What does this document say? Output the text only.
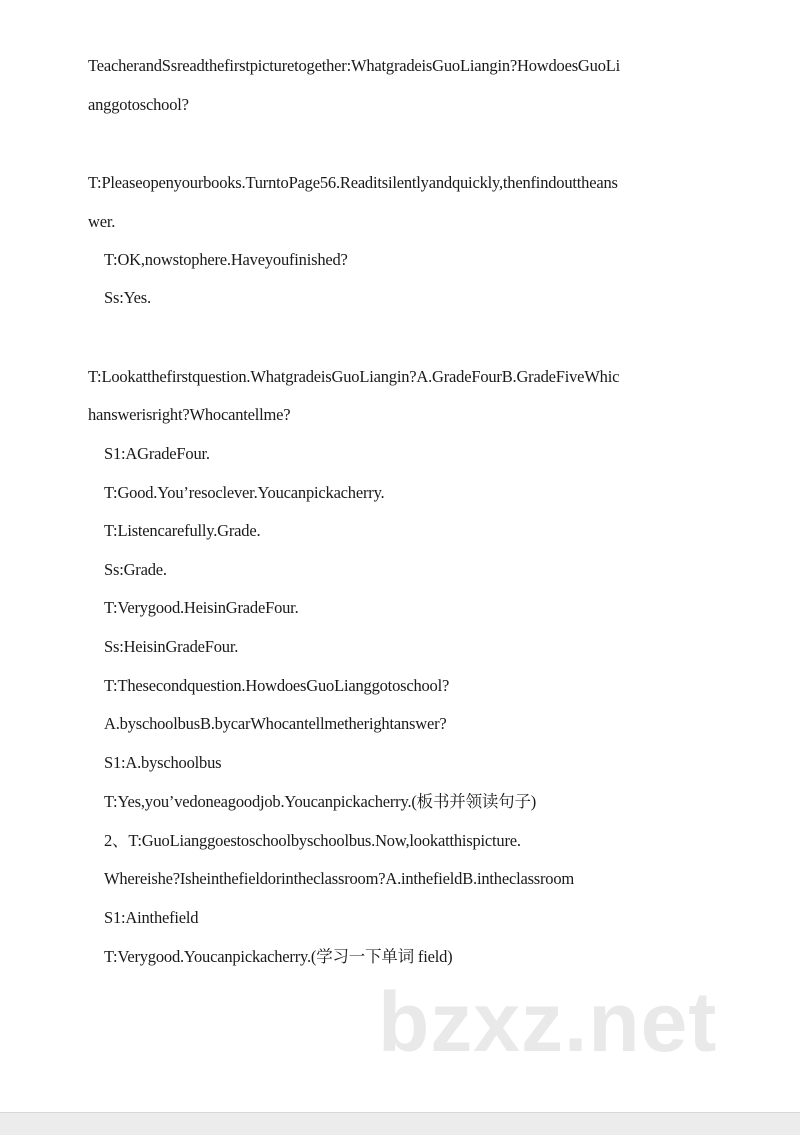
TeacherandSsreadthefirstpicturetogether:WhatgradeisGuoLiangin?HowdoesGuoLi
anggotoschool?
T:Pleaseopenyourbooks.TurntoPage56.Readitsilentlyandquickly,thenfindouttheans
wer.
T:OK,nowstophere.Haveyoufinished?
Ss:Yes.
T:Lookatthefirstquestion.WhatgradeisGuoLiangin?A.GradeFourB.GradeFiveWhic
hanswerisright?Whocantellme?
S1:AGradeFour.
T:Good.You’resoclever.Youcanpickacherry.
T:Listencarefully.Grade.
Ss:Grade.
T:Verygood.HeisinGradeFour.
Ss:HeisinGradeFour.
T:Thesecondquestion.HowdoesGuoLianggotoschool?
A.byschoolbusB.bycarWhocantellmetherightanswer?
S1:A.byschoolbus
T:Yes,you’vedoneagoodjob.Youcanpickacherry.(板书并领读句子)
2、T:GuoLianggoestoschoolbyschoolbus.Now,lookatthispicture.
Whereishe?Isheinthefieldorintheclassroom?A.inthefieldB.intheclassroom
S1:Ainthefield
T:Verygood.Youcanpickacherry.(学习一下单词 field)
bzxz.net
